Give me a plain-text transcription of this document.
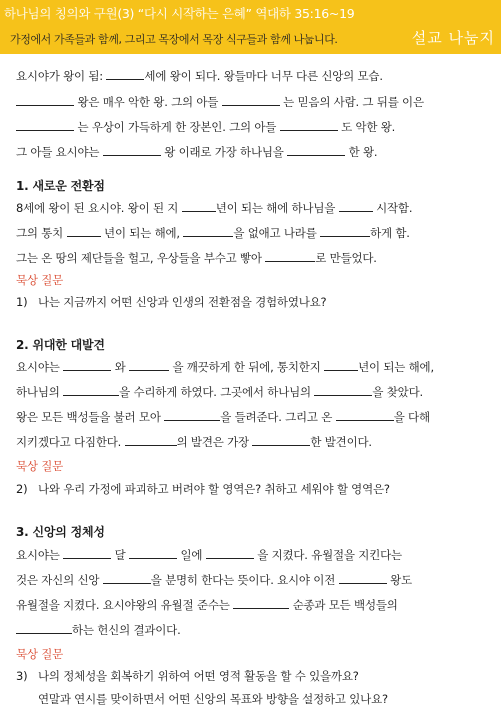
하나님의 칭의와 구원(3) “다시 시작하는 은혜” 역대하 35:16~19
가정에서 가족들과 함께, 그리고 목장에서 목장 식구들과 함께 나눕니다.	설교 나눔지
요시야가 왕이 됨:	세에 왕이 되다. 왕들마다 너무 다른 신앙의 모습.
왕은 매우 악한 왕. 그의 아들	는 믿음의 사람. 그 뒤를 이은
는 우상이 가득하게 한 장본인. 그의 아들	도 악한 왕.
그 아들 요시야는	왕 이래로 가장 하나님을	한 왕.
1. 새로운 전환점
8세에 왕이 된 요시야. 왕이 된 지	년이 되는 해에 하나님을	시작함.
그의 통치	년이 되는 해에,	을 없애고 나라를	하게 함.
그는 온 땅의 제단들을 헐고, 우상들을 부수고 빻아	로 만들었다.
묵상 질문
1) 나는 지금까지 어떤 신앙과 인생의 전환점을 경험하였나요?
2. 위대한 대발견
요시야는	와	을 깨끗하게 한 뒤에, 통치한지	년이 되는 해에,
하나님의	을 수리하게 하였다. 그곳에서 하나님의	을 찾았다.
왕은 모든 백성들을 불러 모아	을 들려준다. 그리고 온	을 다해
지키겠다고 다짐한다.	의 발견은 가장	한 발견이다.
묵상 질문
2) 나와 우리 가정에 파괴하고 버려야 할 영역은? 취하고 세워야 할 영역은?
3. 신앙의 정체성
요시야는	달	일에	을 지켰다. 유월절을 지킨다는
것은 자신의 신앙	을 분명히 한다는 뜻이다. 요시야 이전	왕도
유월절을 지켰다. 요시야왕의 유월절 준수는	순종과 모든 백성들의
하는 헌신의 결과이다.
묵상 질문
3) 나의 정체성을 회복하기 위하여 어떤 영적 활동을 할 수 있을까요?
연말과 연시를 맞이하면서 어떤 신앙의 목표와 방향을 설정하고 있나요?
